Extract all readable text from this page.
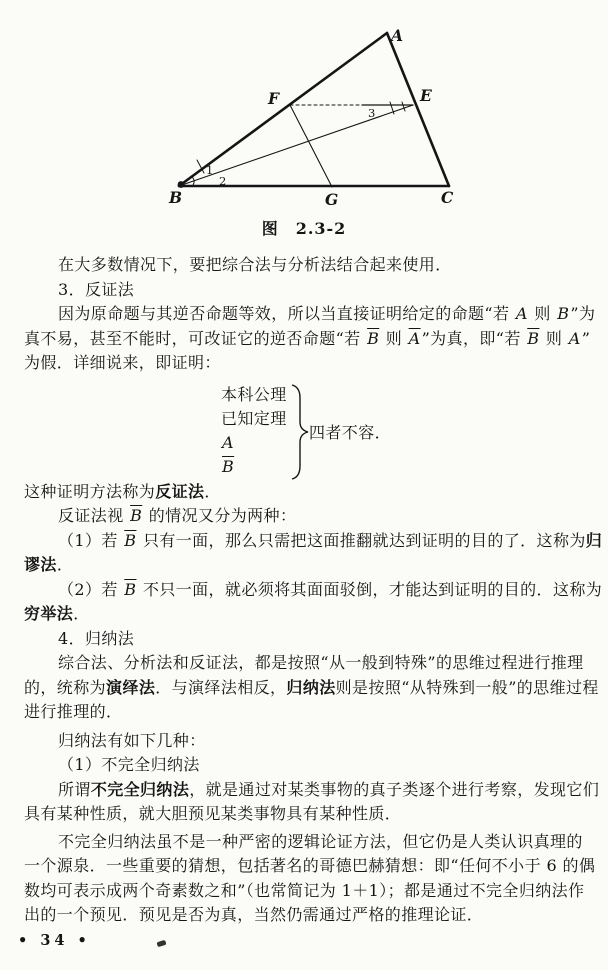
A
B	C
F	E
G
1
2
3
图　2.3-2
在大多数情况下，要把综合法与分析法结合起来使用．
3．反证法
因为原命题与其逆否命题等效，所以当直接证明给定的命题“若 A 则 B”为
真不易，甚至不能时，可改证它的逆否命题“若 $\overline{B}$ 则 $\overline{A}$”为真，即“若 $\overline{B}$ 则 A”
为假．详细说来，即证明：
本科公理
已知定理
A
$\overline{B}$
四者不容．
这种证明方法称为反证法．
反证法视 $\overline{B}$ 的情况又分为两种：
（1）若 $\overline{B}$ 只有一面，那么只需把这面推翻就达到证明的目的了．这称为归
谬法．
（2）若 $\overline{B}$ 不只一面，就必须将其面面驳倒，才能达到证明的目的．这称为
穷举法．
4．归纳法
综合法、分析法和反证法，都是按照“从一般到特殊”的思维过程进行推理
的，统称为演绎法．与演绎法相反，归纳法则是按照“从特殊到一般”的思维过程
进行推理的．
归纳法有如下几种：
（1）不完全归纳法
所谓不完全归纳法，就是通过对某类事物的真子类逐个进行考察，发现它们
具有某种性质，就大胆预见某类事物具有某种性质．
不完全归纳法虽不是一种严密的逻辑论证方法，但它仍是人类认识真理的
一个源泉．一些重要的猜想，包括著名的哥德巴赫猜想：即“任何不小于 6 的偶
数均可表示成两个奇素数之和”（也常简记为 1＋1）；都是通过不完全归纳法作
出的一个预见．预见是否为真，当然仍需通过严格的推理论证．
• 34 •
